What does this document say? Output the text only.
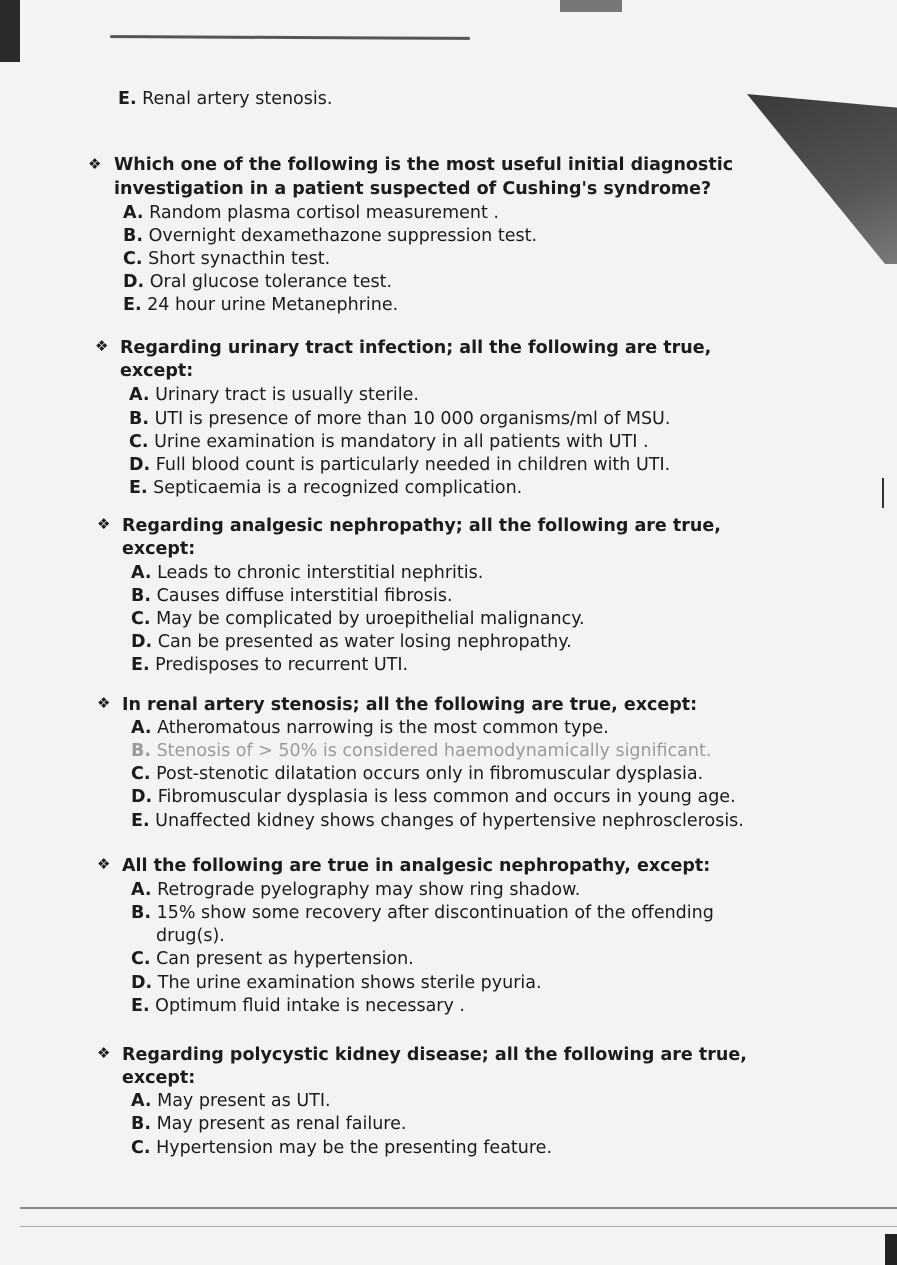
E. Renal artery stenosis.
❖ Which one of the following is the most useful initial diagnostic
investigation in a patient suspected of Cushing's syndrome?
A. Random plasma cortisol measurement .
B. Overnight dexamethazone suppression test.
C. Short synacthin test.
D. Oral glucose tolerance test.
E. 24 hour urine Metanephrine.
❖ Regarding urinary tract infection; all the following are true,
except:
A. Urinary tract is usually sterile.
B. UTI is presence of more than 10 000 organisms/ml of MSU.
C. Urine examination is mandatory in all patients with UTI .
D. Full blood count is particularly needed in children with UTI.
E. Septicaemia is a recognized complication.
❖ Regarding analgesic nephropathy; all the following are true,
except:
A. Leads to chronic interstitial nephritis.
B. Causes diffuse interstitial fibrosis.
C. May be complicated by uroepithelial malignancy.
D. Can be presented as water losing nephropathy.
E. Predisposes to recurrent UTI.
❖ In renal artery stenosis; all the following are true, except:
A. Atheromatous narrowing is the most common type.
B. Stenosis of > 50% is considered haemodynamically significant.
C. Post-stenotic dilatation occurs only in fibromuscular dysplasia.
D. Fibromuscular dysplasia is less common and occurs in young age.
E. Unaffected kidney shows changes of hypertensive nephrosclerosis.
❖ All the following are true in analgesic nephropathy, except:
A. Retrograde pyelography may show ring shadow.
B. 15% show some recovery after discontinuation of the offending
drug(s).
C. Can present as hypertension.
D. The urine examination shows sterile pyuria.
E. Optimum fluid intake is necessary .
❖ Regarding polycystic kidney disease; all the following are true,
except:
A. May present as UTI.
B. May present as renal failure.
C. Hypertension may be the presenting feature.
